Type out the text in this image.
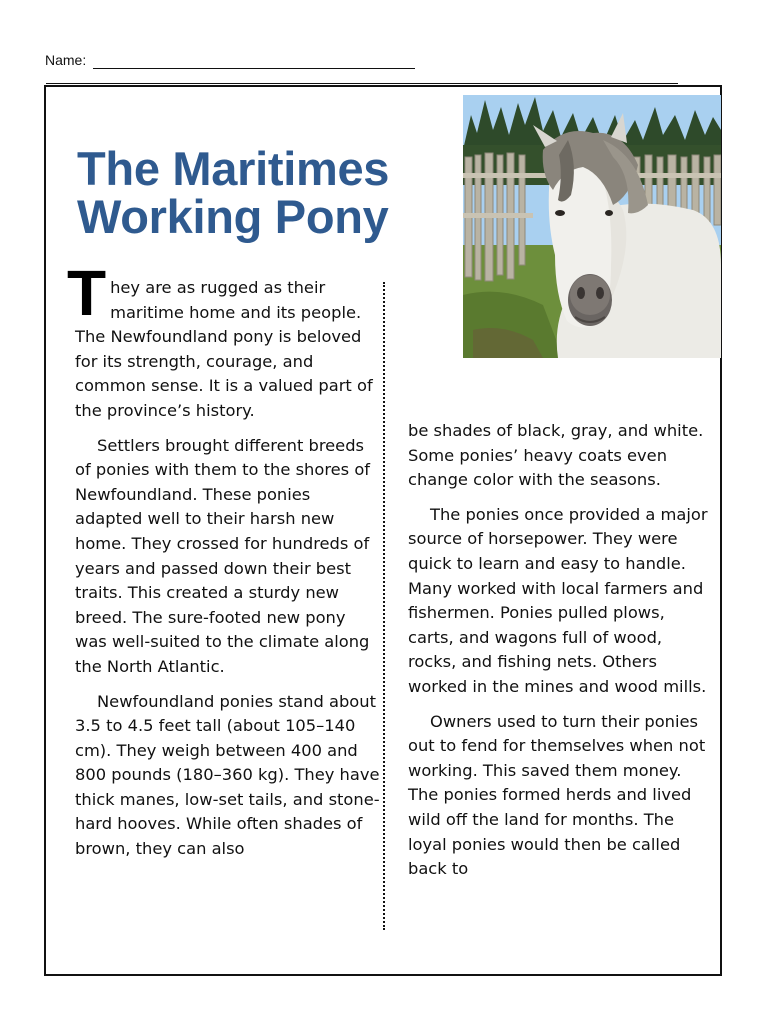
Name:
The Maritimes
Working Pony

They are as rugged as their maritime home and its people. The Newfoundland pony is beloved for its strength, courage, and common sense. It is a valued part of the province’s history.

Settlers brought different breeds of ponies with them to the shores of Newfoundland. These ponies adapted well to their harsh new home. They crossed for hundreds of years and passed down their best traits. This created a sturdy new breed. The sure-footed new pony was well-suited to the climate along the North Atlantic.

Newfoundland ponies stand about 3.5 to 4.5 feet tall (about 105–140 cm). They weigh between 400 and 800 pounds (180–360 kg). They have thick manes, low-set tails, and stone-hard hooves. While often shades of brown, they can also

be shades of black, gray, and white. Some ponies’ heavy coats even change color with the seasons.

The ponies once provided a major source of horsepower. They were quick to learn and easy to handle. Many worked with local farmers and fishermen. Ponies pulled plows, carts, and wagons full of wood, rocks, and fishing nets. Others worked in the mines and wood mills.

Owners used to turn their ponies out to fend for themselves when not working. This saved them money. The ponies formed herds and lived wild off the land for months. The loyal ponies would then be called back to
